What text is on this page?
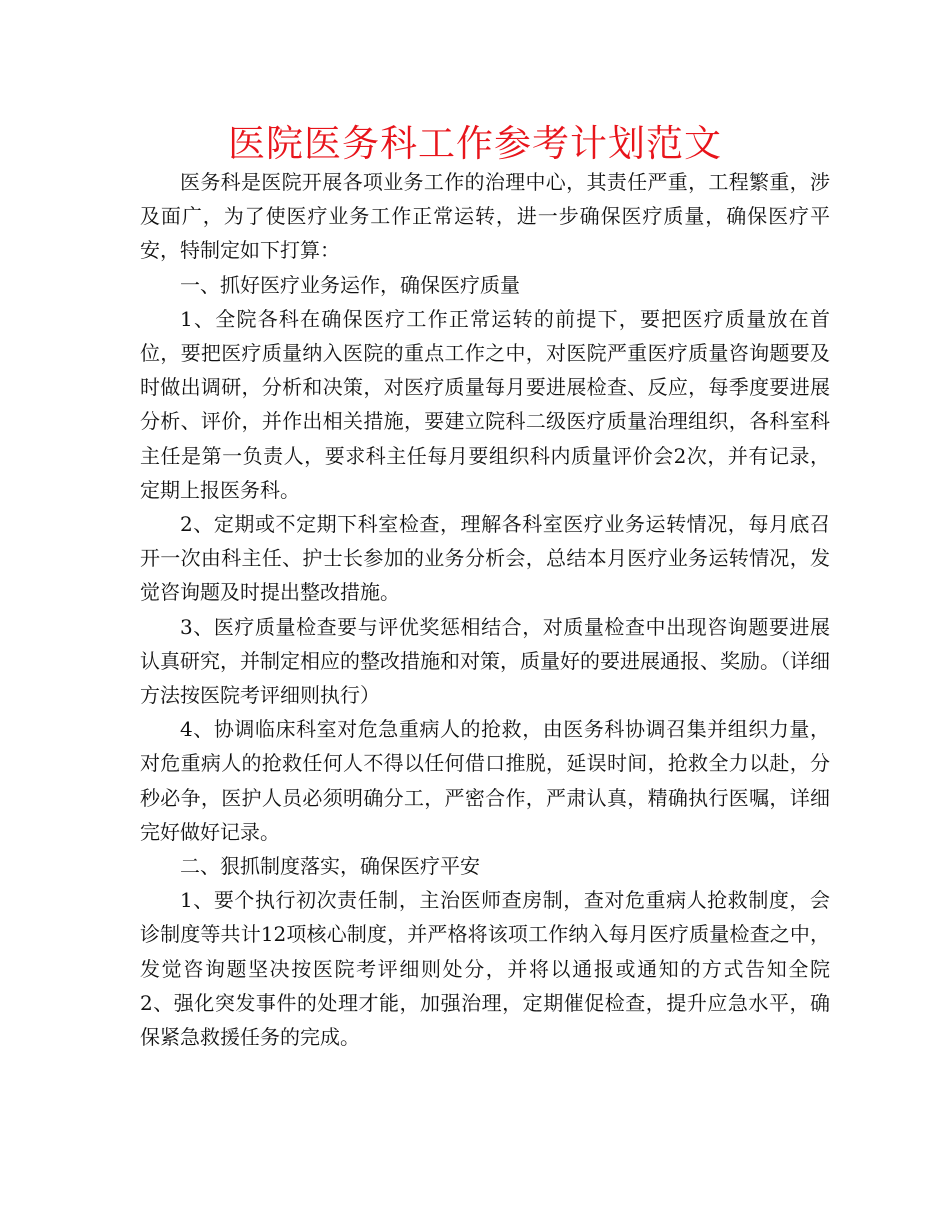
医院医务科工作参考计划范文

医务科是医院开展各项业务工作的治理中心，其责任严重，工程繁重，涉及面广，为了使医疗业务工作正常运转，进一步确保医疗质量，确保医疗平安，特制定如下打算：

一、抓好医疗业务运作，确保医疗质量

1、全院各科在确保医疗工作正常运转的前提下，要把医疗质量放在首位，要把医疗质量纳入医院的重点工作之中，对医院严重医疗质量咨询题要及时做出调研，分析和决策，对医疗质量每月要进展检查、反应，每季度要进展分析、评价，并作出相关措施，要建立院科二级医疗质量治理组织，各科室科主任是第一负责人，要求科主任每月要组织科内质量评价会2次，并有记录，定期上报医务科。

2、定期或不定期下科室检查，理解各科室医疗业务运转情况，每月底召开一次由科主任、护士长参加的业务分析会，总结本月医疗业务运转情况，发觉咨询题及时提出整改措施。

3、医疗质量检查要与评优奖惩相结合，对质量检查中出现咨询题要进展认真研究，并制定相应的整改措施和对策，质量好的要进展通报、奖励。（详细方法按医院考评细则执行）

4、协调临床科室对危急重病人的抢救，由医务科协调召集并组织力量，对危重病人的抢救任何人不得以任何借口推脱，延误时间，抢救全力以赴，分秒必争，医护人员必须明确分工，严密合作，严肃认真，精确执行医嘱，详细完好做好记录。

二、狠抓制度落实，确保医疗平安

1、要个执行初次责任制，主治医师查房制，查对危重病人抢救制度，会诊制度等共计12项核心制度，并严格将该项工作纳入每月医疗质量检查之中，发觉咨询题坚决按医院考评细则处分，并将以通报或通知的方式告知全院　　2、强化突发事件的处理才能，加强治理，定期催促检查，提升应急水平，确保紧急救援任务的完成。
